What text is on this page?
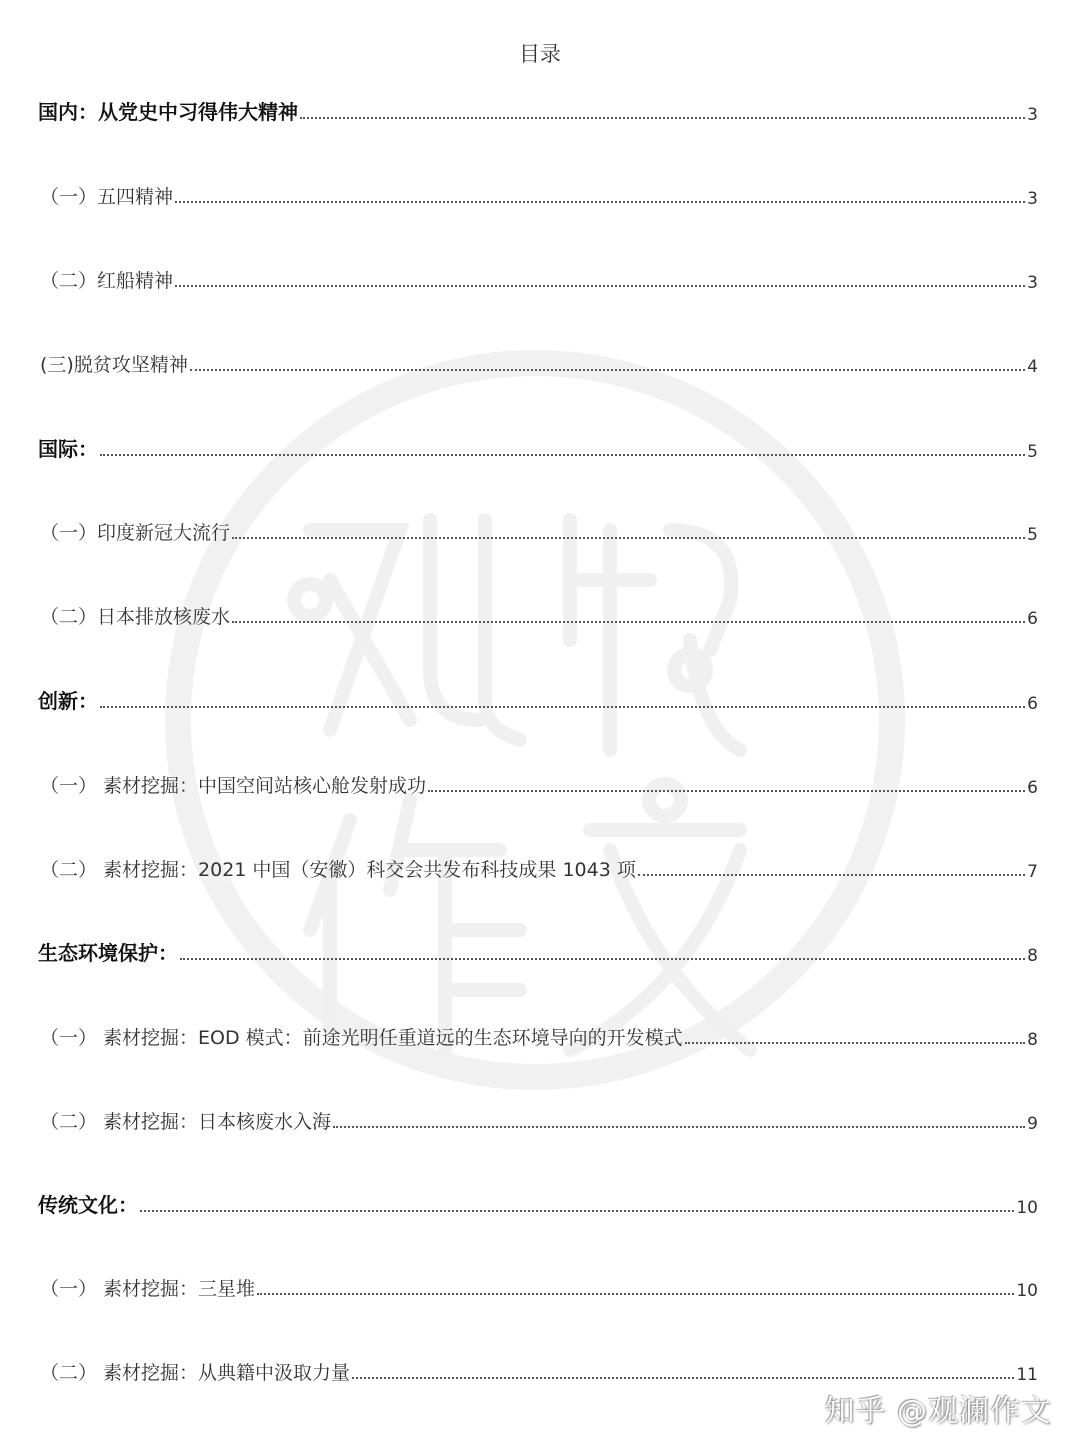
目录
国内：从党史中习得伟大精神	3
（一）五四精神	3
（二）红船精神	3
(三)脱贫攻坚精神	4
国际：	5
（一）印度新冠大流行	5
（二）日本排放核废水	6
创新：	6
（一） 素材挖掘：中国空间站核心舱发射成功	6
（二） 素材挖掘：2021 中国（安徽）科交会共发布科技成果 1043 项	7
生态环境保护：	8
（一） 素材挖掘：EOD 模式：前途光明任重道远的生态环境导向的开发模式	8
（二） 素材挖掘：日本核废水入海	9
传统文化：	10
（一） 素材挖掘：三星堆	10
（二） 素材挖掘：从典籍中汲取力量	11
知乎 @观澜作文
